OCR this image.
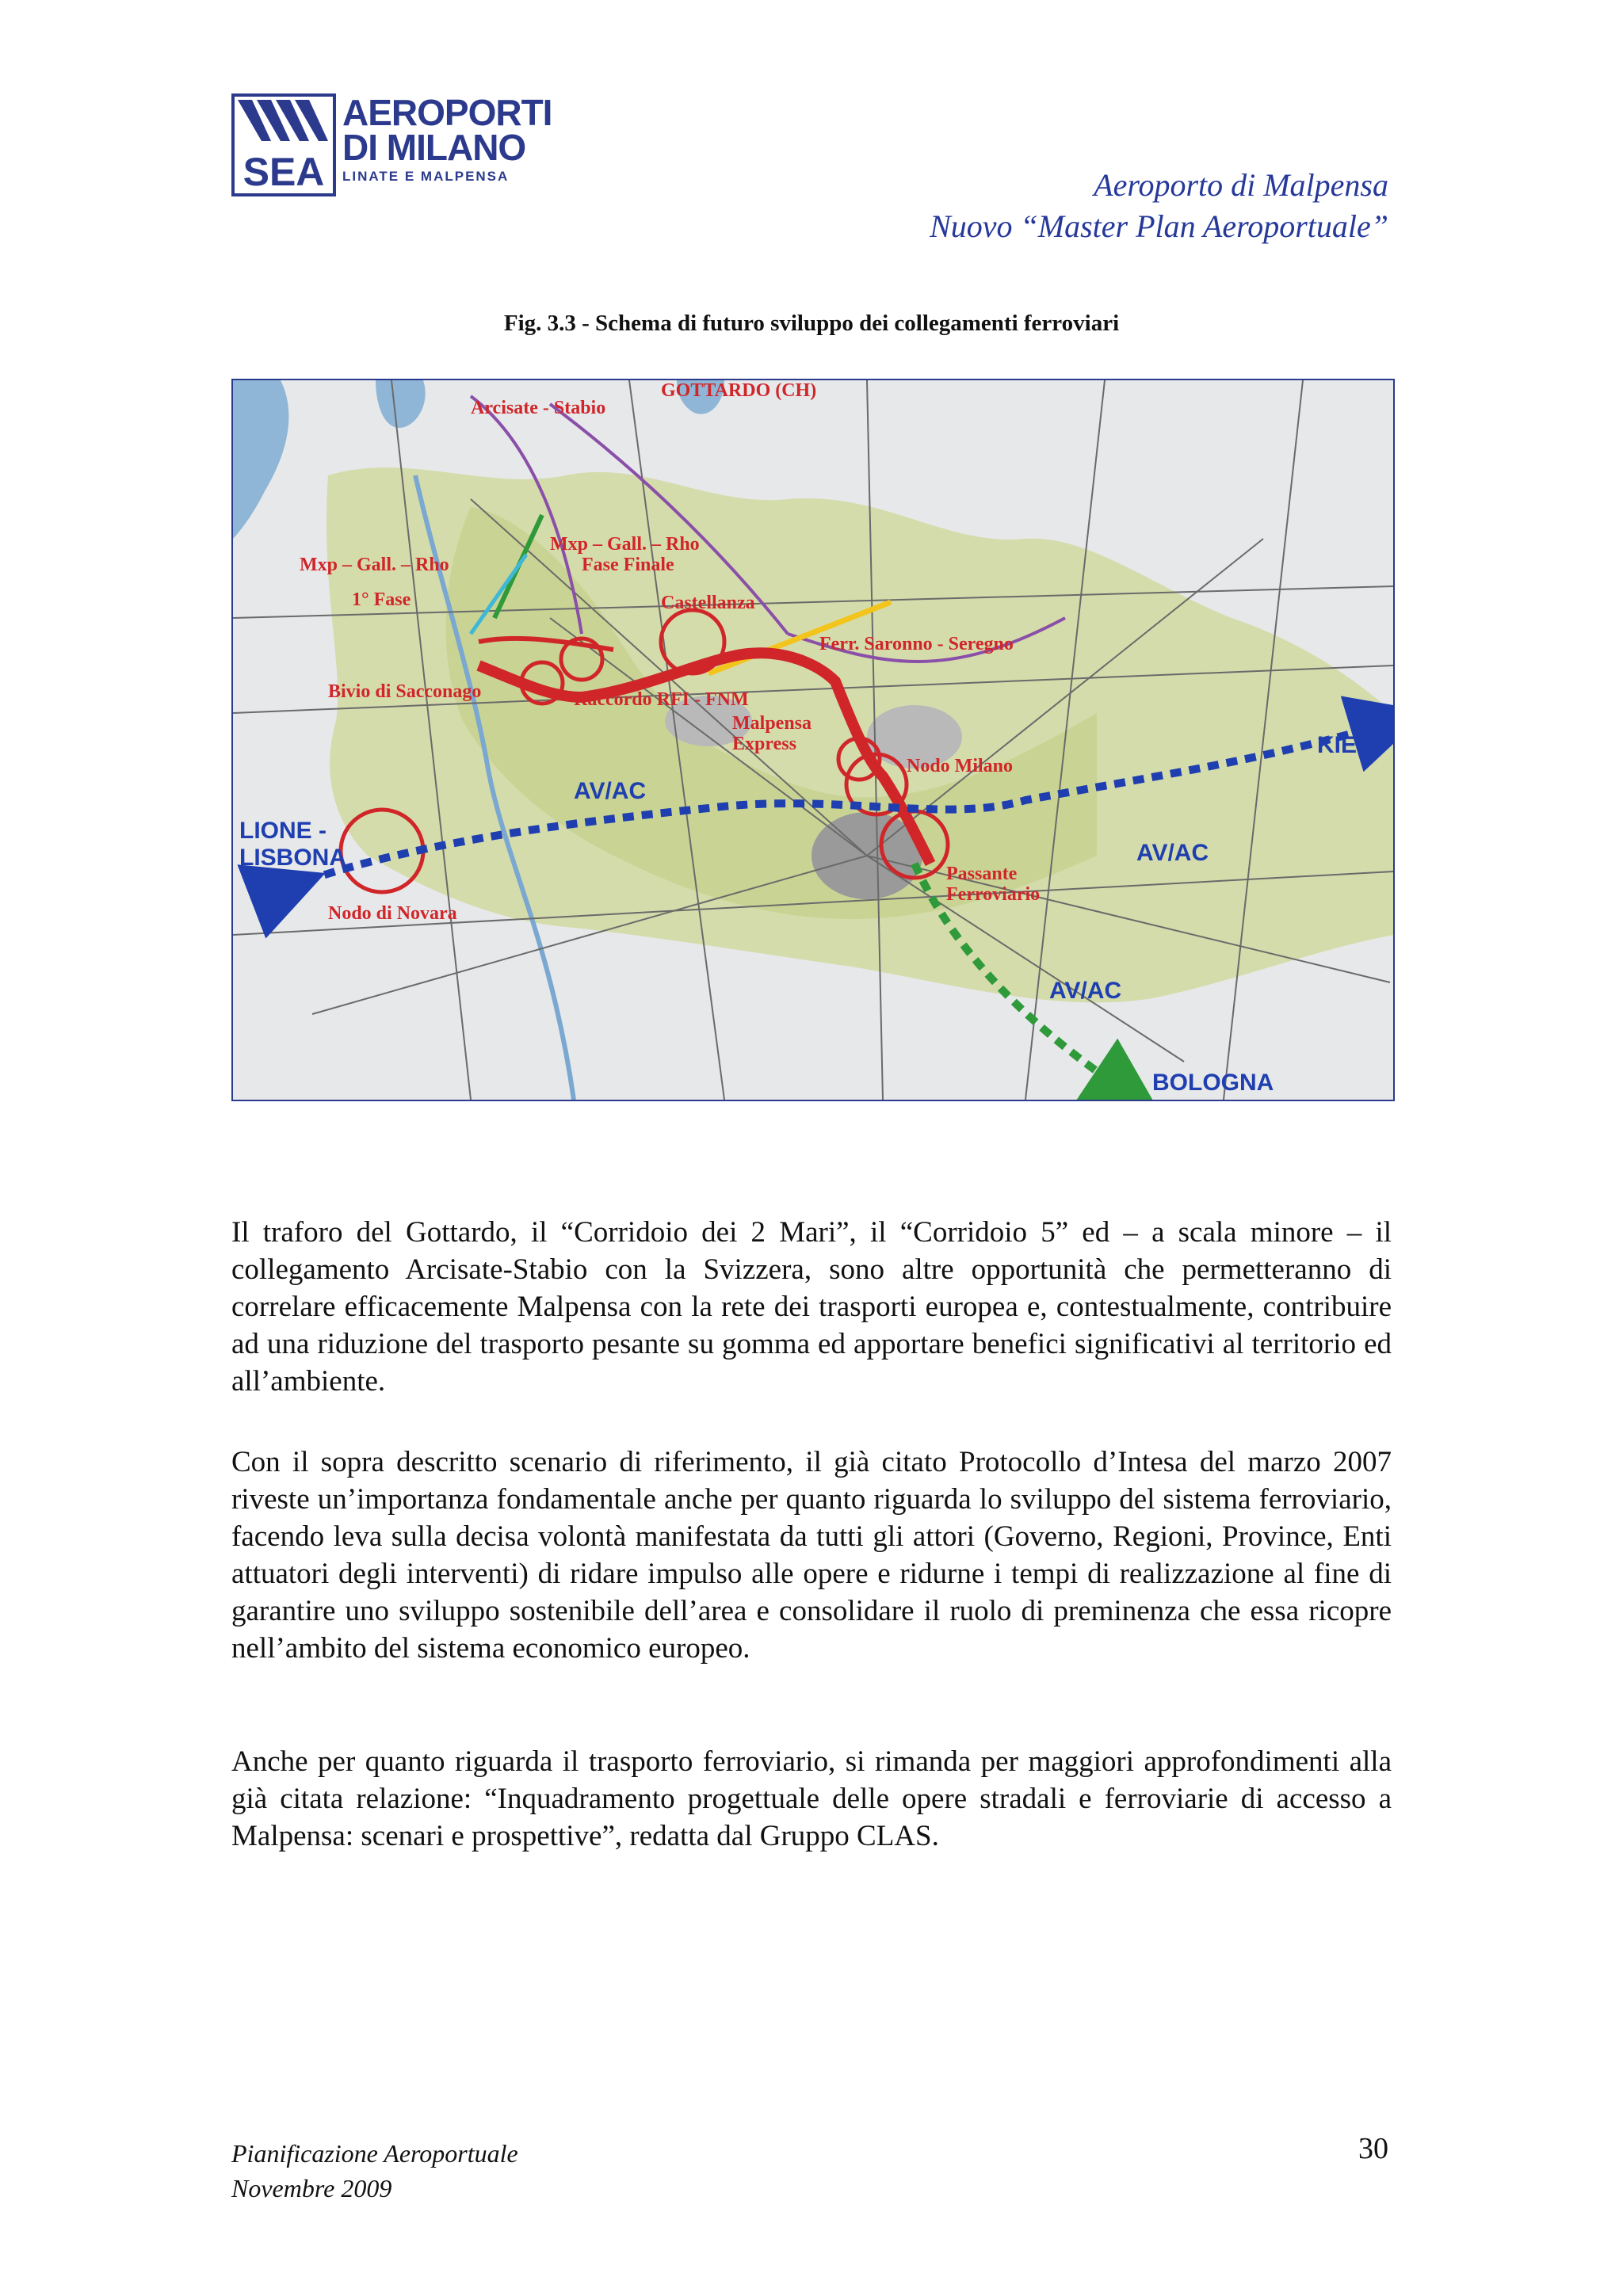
SEA
AEROPORTI
DI MILANO
LINATE E MALPENSA	Aeroporto di Malpensa
Nuovo “Master Plan Aeroportuale”
Fig. 3.3 - Schema di futuro sviluppo dei collegamenti ferroviari
Arcisate - Stabio
GOTTARDO (CH)
Mxp – Gall. – Rho
1° Fase
Mxp – Gall. – Rho
Fase Finale
Castellanza
Ferr. Saronno - Seregno
Bivio di Sacconago	Raccordo RFI - FNM
Malpensa
Express
Nodo Milano
Nodo di Novara
Passante
Ferroviario
KIEV
AV/AC
AV/AC
AV/AC
LIONE -
LISBONA
BOLOGNA
Il traforo del Gottardo, il “Corridoio dei 2 Mari”, il “Corridoio 5” ed – a scala minore – il collegamento Arcisate-Stabio con la Svizzera, sono altre opportunità che permetteranno di correlare efficacemente Malpensa con la rete dei trasporti europea e, contestualmente, contribuire ad una riduzione del trasporto pesante su gomma ed apportare benefici significativi al territorio ed all’ambiente.
Con il sopra descritto scenario di riferimento, il già citato Protocollo d’Intesa del marzo 2007 riveste un’importanza fondamentale anche per quanto riguarda lo sviluppo del sistema ferroviario, facendo leva sulla decisa volontà manifestata da tutti gli attori (Governo, Regioni, Province, Enti attuatori degli interventi) di ridare impulso alle opere e ridurne i tempi di realizzazione al fine di garantire uno sviluppo sostenibile dell’area e consolidare il ruolo di preminenza che essa ricopre nell’ambito del sistema economico europeo.
Anche per quanto riguarda il trasporto ferroviario, si rimanda per maggiori approfondimenti alla già citata relazione: “Inquadramento progettuale delle opere stradali e ferroviarie di accesso a Malpensa: scenari e prospettive”, redatta dal Gruppo CLAS.
Pianificazione Aeroportuale
Novembre 2009
30
